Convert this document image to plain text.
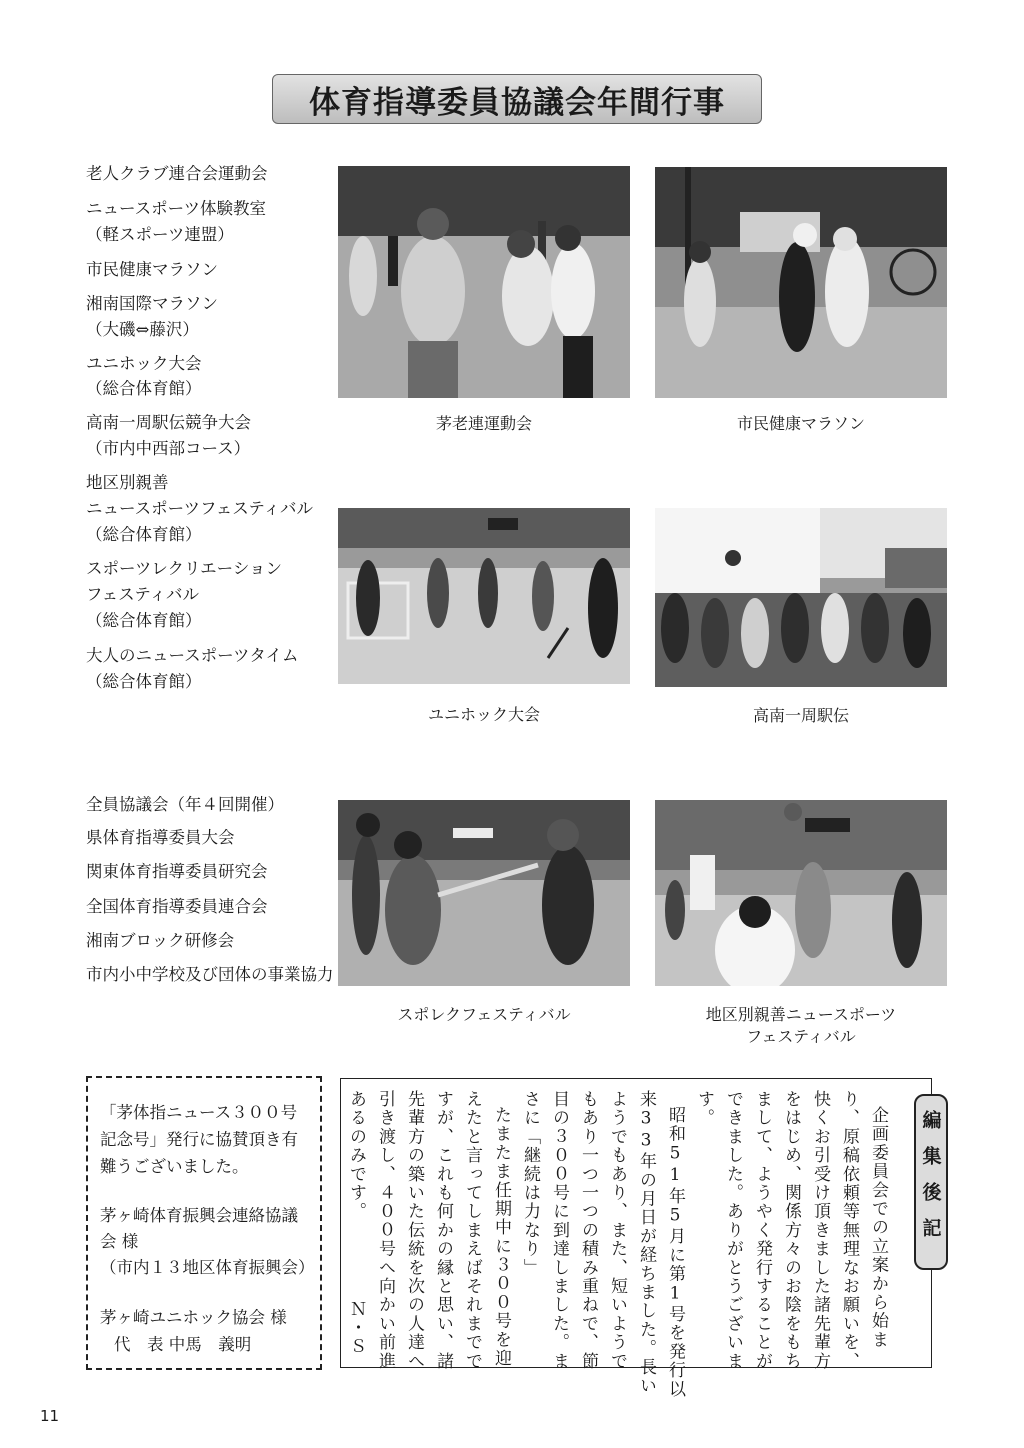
体育指導委員協議会年間行事
老人クラブ連合会運動会
ニュースポーツ体験教室
（軽スポーツ連盟）
市民健康マラソン
湘南国際マラソン
（大磯⇔藤沢）
ユニホック大会
（総合体育館）
高南一周駅伝競争大会
（市内中西部コース）
地区別親善
ニュースポーツフェスティバル
（総合体育館）
スポーツレクリエーション
フェスティバル
（総合体育館）
大人のニュースポーツタイム
（総合体育館）
全員協議会（年４回開催）
県体育指導委員大会
関東体育指導委員研究会
全国体育指導委員連合会
湘南ブロック研修会
市内小中学校及び団体の事業協力
茅老連運動会	市民健康マラソン
ユニホック大会	高南一周駅伝
スポレクフェスティバル	地区別親善ニュースポーツ
フェスティバル
「茅体指ニュース３００号
記念号」発行に協賛頂き有
難うございました。
茅ヶ崎体育振興会連絡協議
会 様
（市内１３地区体育振興会）
茅ヶ崎ユニホック協会 様
代　表 中馬　義明
編集後記
企画委員会での立案から始ま
り、原稿依頼等無理なお願いを、
快くお引受け頂きました諸先輩方
をはじめ、関係方々のお陰をもち
まして、ようやく発行することが
できました。ありがとうございま
す。
昭和51年5月に第1号を発行以
来33年の月日が経ちました。長い
ようでもあり、また、短いようで
もあり一つ一つの積み重ねで、節
目の３００号に到達しました。ま
さに「継続は力なり」
たまたま任期中に３００号を迎
えたと言ってしまえばそれまでで
すが、これも何かの縁と思い、諸
先輩方の築いた伝統を次の人達へ
引き渡し、４００号へ向かい前進
あるのみです。
Ｎ・Ｓ
11
